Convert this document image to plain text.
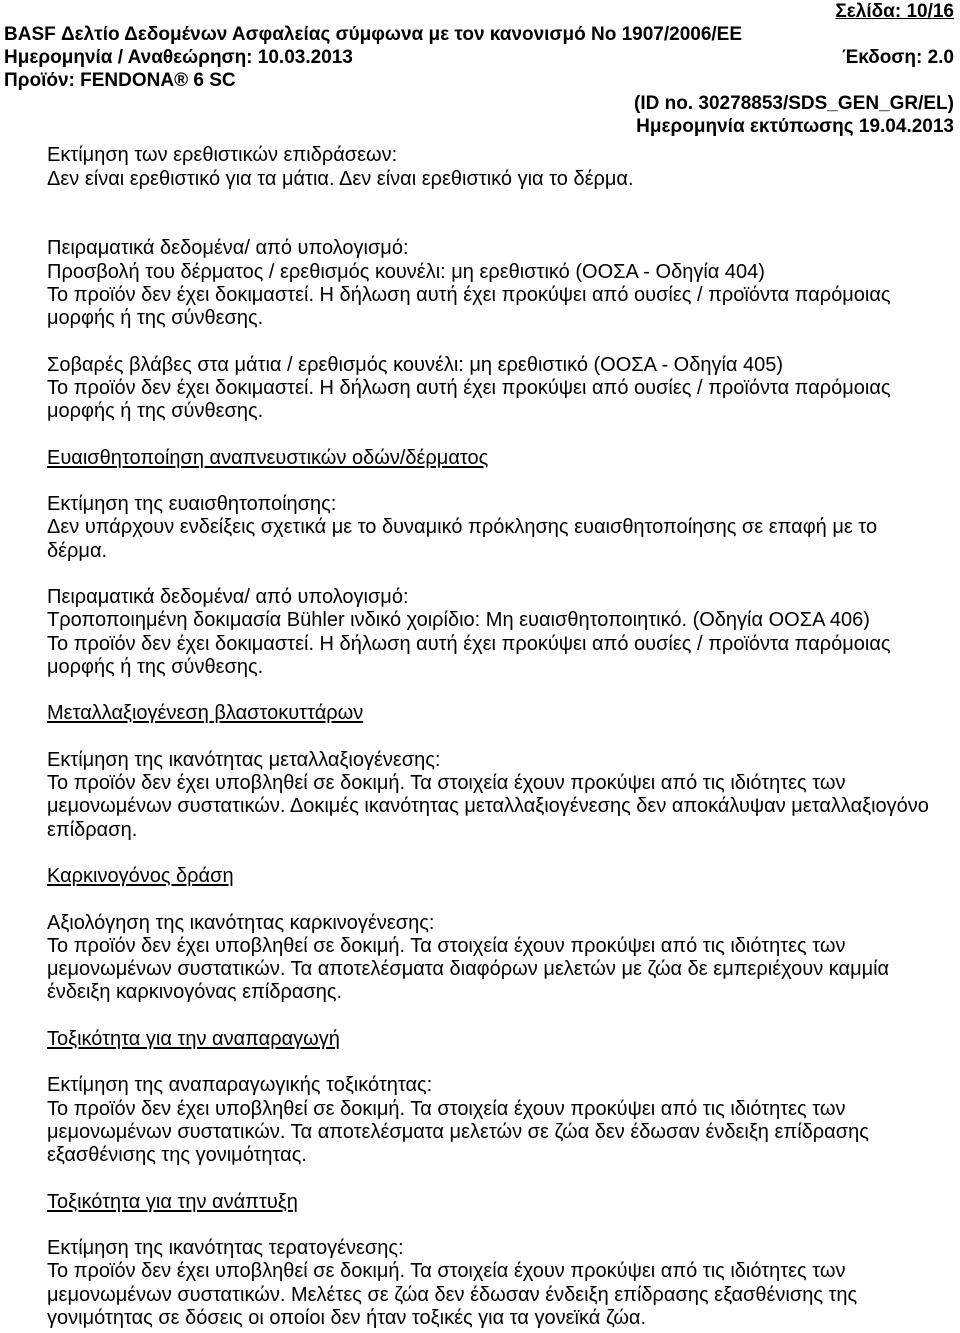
Σελίδα: 10/16
BASF Δελτίο Δεδομένων Ασφαλείας σύμφωνα με τον κανονισμό Νο 1907/2006/ΕΕ
Ημερομηνία / Αναθεώρηση: 10.03.2013	Έκδοση: 2.0
Προϊόν: FENDONA® 6 SC
(ID no. 30278853/SDS_GEN_GR/EL)
Ημερομηνία εκτύπωσης 19.04.2013
Εκτίμηση των ερεθιστικών επιδράσεων:
Δεν είναι ερεθιστικό για τα μάτια. Δεν είναι ερεθιστικό για το δέρμα.
Πειραματικά δεδομένα/ από υπολογισμό:
Προσβολή του δέρματος / ερεθισμός κουνέλι: μη ερεθιστικό (ΟΟΣΑ - Οδηγία 404)
Το προϊόν δεν έχει δοκιμαστεί. Η δήλωση αυτή έχει προκύψει από ουσίες / προϊόντα παρόμοιας
μορφής ή της σύνθεσης.
Σοβαρές βλάβες στα μάτια / ερεθισμός κουνέλι: μη ερεθιστικό (ΟΟΣΑ - Οδηγία 405)
Το προϊόν δεν έχει δοκιμαστεί. Η δήλωση αυτή έχει προκύψει από ουσίες / προϊόντα παρόμοιας
μορφής ή της σύνθεσης.
Ευαισθητοποίηση αναπνευστικών οδών/δέρματος
Εκτίμηση της ευαισθητοποίησης:
Δεν υπάρχουν ενδείξεις σχετικά με το δυναμικό πρόκλησης ευαισθητοποίησης σε επαφή με το
δέρμα.
Πειραματικά δεδομένα/ από υπολογισμό:
Τροποποιημένη δοκιμασία Bühler ινδικό χοιρίδιο: Μη ευαισθητοποιητικό. (Οδηγία ΟΟΣΑ 406)
Το προϊόν δεν έχει δοκιμαστεί. Η δήλωση αυτή έχει προκύψει από ουσίες / προϊόντα παρόμοιας
μορφής ή της σύνθεσης.
Μεταλλαξιογένεση βλαστοκυττάρων
Εκτίμηση της ικανότητας μεταλλαξιογένεσης:
Το προϊόν δεν έχει υποβληθεί σε δοκιμή. Τα στοιχεία έχουν προκύψει από τις ιδιότητες των
μεμονωμένων συστατικών. Δοκιμές ικανότητας μεταλλαξιογένεσης δεν αποκάλυψαν μεταλλαξιογόνο
επίδραση.
Καρκινογόνος δράση
Αξιολόγηση της ικανότητας καρκινογένεσης:
Το προϊόν δεν έχει υποβληθεί σε δοκιμή. Τα στοιχεία έχουν προκύψει από τις ιδιότητες των
μεμονωμένων συστατικών. Τα αποτελέσματα διαφόρων μελετών με ζώα δε εμπεριέχουν καμμία
ένδειξη καρκινογόνας επίδρασης.
Τοξικότητα για την αναπαραγωγή
Εκτίμηση της αναπαραγωγικής τοξικότητας:
Το προϊόν δεν έχει υποβληθεί σε δοκιμή. Τα στοιχεία έχουν προκύψει από τις ιδιότητες των
μεμονωμένων συστατικών. Τα αποτελέσματα μελετών σε ζώα δεν έδωσαν ένδειξη επίδρασης
εξασθένισης της γονιμότητας.
Τοξικότητα για την ανάπτυξη
Εκτίμηση της ικανότητας τερατογένεσης:
Το προϊόν δεν έχει υποβληθεί σε δοκιμή. Τα στοιχεία έχουν προκύψει από τις ιδιότητες των
μεμονωμένων συστατικών. Μελέτες σε ζώα δεν έδωσαν ένδειξη επίδρασης εξασθένισης της
γονιμότητας σε δόσεις οι οποίοι δεν ήταν τοξικές για τα γονεϊκά ζώα.
